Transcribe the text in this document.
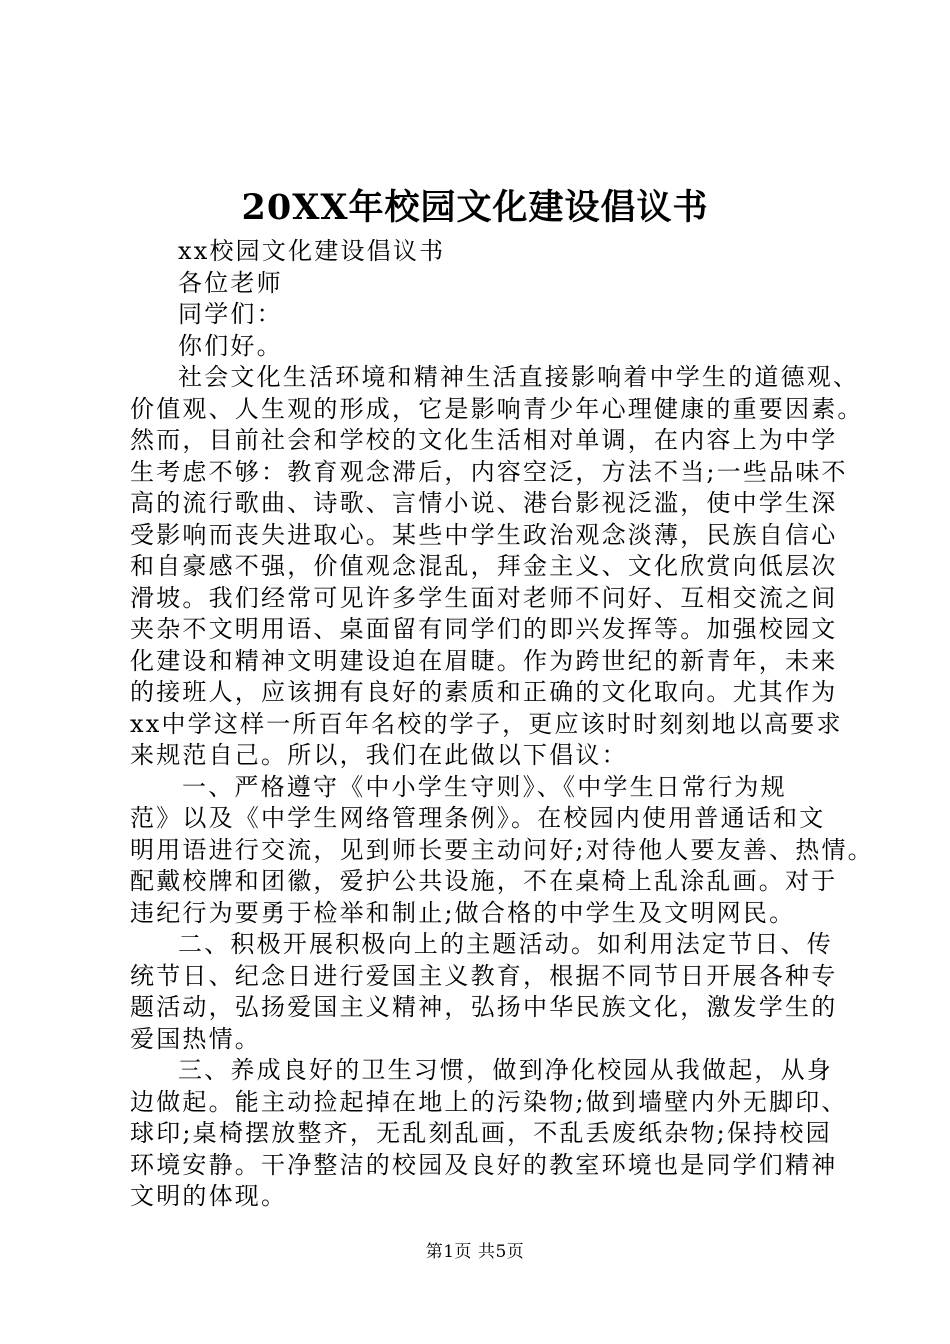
20XX年校园文化建设倡议书
xx校园文化建设倡议书
各位老师
同学们：
你们好。
社会文化生活环境和精神生活直接影响着中学生的道德观、
价值观、人生观的形成，它是影响青少年心理健康的重要因素。
然而，目前社会和学校的文化生活相对单调，在内容上为中学
生考虑不够：教育观念滞后，内容空泛，方法不当;一些品味不
高的流行歌曲、诗歌、言情小说、港台影视泛滥，使中学生深
受影响而丧失进取心。某些中学生政治观念淡薄，民族自信心
和自豪感不强，价值观念混乱，拜金主义、文化欣赏向低层次
滑坡。我们经常可见许多学生面对老师不问好、互相交流之间
夹杂不文明用语、桌面留有同学们的即兴发挥等。加强校园文
化建设和精神文明建设迫在眉睫。作为跨世纪的新青年，未来
的接班人，应该拥有良好的素质和正确的文化取向。尤其作为
xx中学这样一所百年名校的学子，更应该时时刻刻地以高要求
来规范自己。所以，我们在此做以下倡议：
一、严格遵守《中小学生守则》、《中学生日常行为规
范》以及《中学生网络管理条例》。在校园内使用普通话和文
明用语进行交流，见到师长要主动问好;对待他人要友善、热情。
配戴校牌和团徽，爱护公共设施，不在桌椅上乱涂乱画。对于
违纪行为要勇于检举和制止;做合格的中学生及文明网民。
二、积极开展积极向上的主题活动。如利用法定节日、传
统节日、纪念日进行爱国主义教育，根据不同节日开展各种专
题活动，弘扬爱国主义精神，弘扬中华民族文化，激发学生的
爱国热情。
三、养成良好的卫生习惯，做到净化校园从我做起，从身
边做起。能主动捡起掉在地上的污染物;做到墙壁内外无脚印、
球印;桌椅摆放整齐，无乱刻乱画，不乱丢废纸杂物;保持校园
环境安静。干净整洁的校园及良好的教室环境也是同学们精神
文明的体现。
第1页 共5页
